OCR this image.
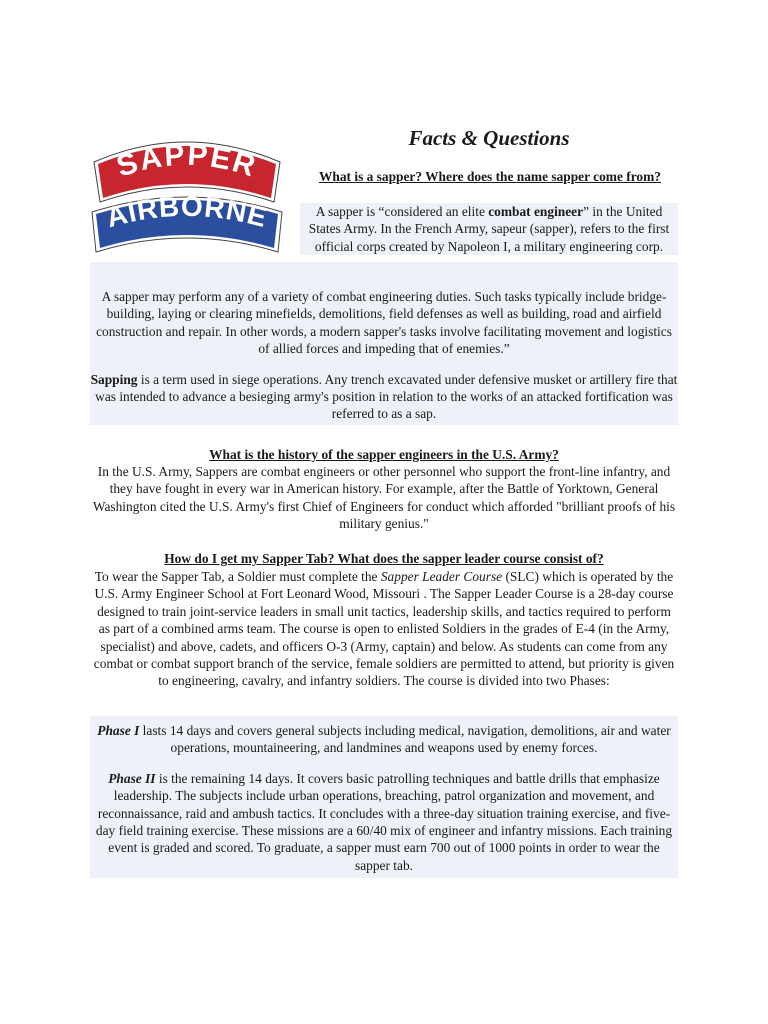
SAPPER
AIRBORNE
Facts & Questions
What is a sapper? Where does the name sapper come from?
A sapper is “considered an elite combat engineer” in the United States Army. In the French Army, sapeur (sapper), refers to the first official corps created by Napoleon I, a military engineering corp.
A sapper may perform any of a variety of combat engineering duties. Such tasks typically include bridge-building, laying or clearing minefields, demolitions, field defenses as well as building, road and airfield construction and repair. In other words, a modern sapper's tasks involve facilitating movement and logistics of allied forces and impeding that of enemies.”
Sapping is a term used in siege operations. Any trench excavated under defensive musket or artillery fire that was intended to advance a besieging army's position in relation to the works of an attacked fortification was referred to as a sap.
What is the history of the sapper engineers in the U.S. Army?
In the U.S. Army, Sappers are combat engineers or other personnel who support the front-line infantry, and they have fought in every war in American history. For example, after the Battle of Yorktown, General Washington cited the U.S. Army's first Chief of Engineers for conduct which afforded "brilliant proofs of his military genius."
How do I get my Sapper Tab? What does the sapper leader course consist of?
To wear the Sapper Tab, a Soldier must complete the Sapper Leader Course (SLC) which is operated by the U.S. Army Engineer School at Fort Leonard Wood, Missouri . The Sapper Leader Course is a 28-day course designed to train joint-service leaders in small unit tactics, leadership skills, and tactics required to perform as part of a combined arms team. The course is open to enlisted Soldiers in the grades of E-4 (in the Army, specialist) and above, cadets, and officers O-3 (Army, captain) and below. As students can come from any combat or combat support branch of the service, female soldiers are permitted to attend, but priority is given to engineering, cavalry, and infantry soldiers. The course is divided into two Phases:
Phase I lasts 14 days and covers general subjects including medical, navigation, demolitions, air and water operations, mountaineering, and landmines and weapons used by enemy forces.
Phase II is the remaining 14 days. It covers basic patrolling techniques and battle drills that emphasize leadership. The subjects include urban operations, breaching, patrol organization and movement, and reconnaissance, raid and ambush tactics. It concludes with a three-day situation training exercise, and five-day field training exercise. These missions are a 60/40 mix of engineer and infantry missions. Each training event is graded and scored. To graduate, a sapper must earn 700 out of 1000 points in order to wear the sapper tab.
